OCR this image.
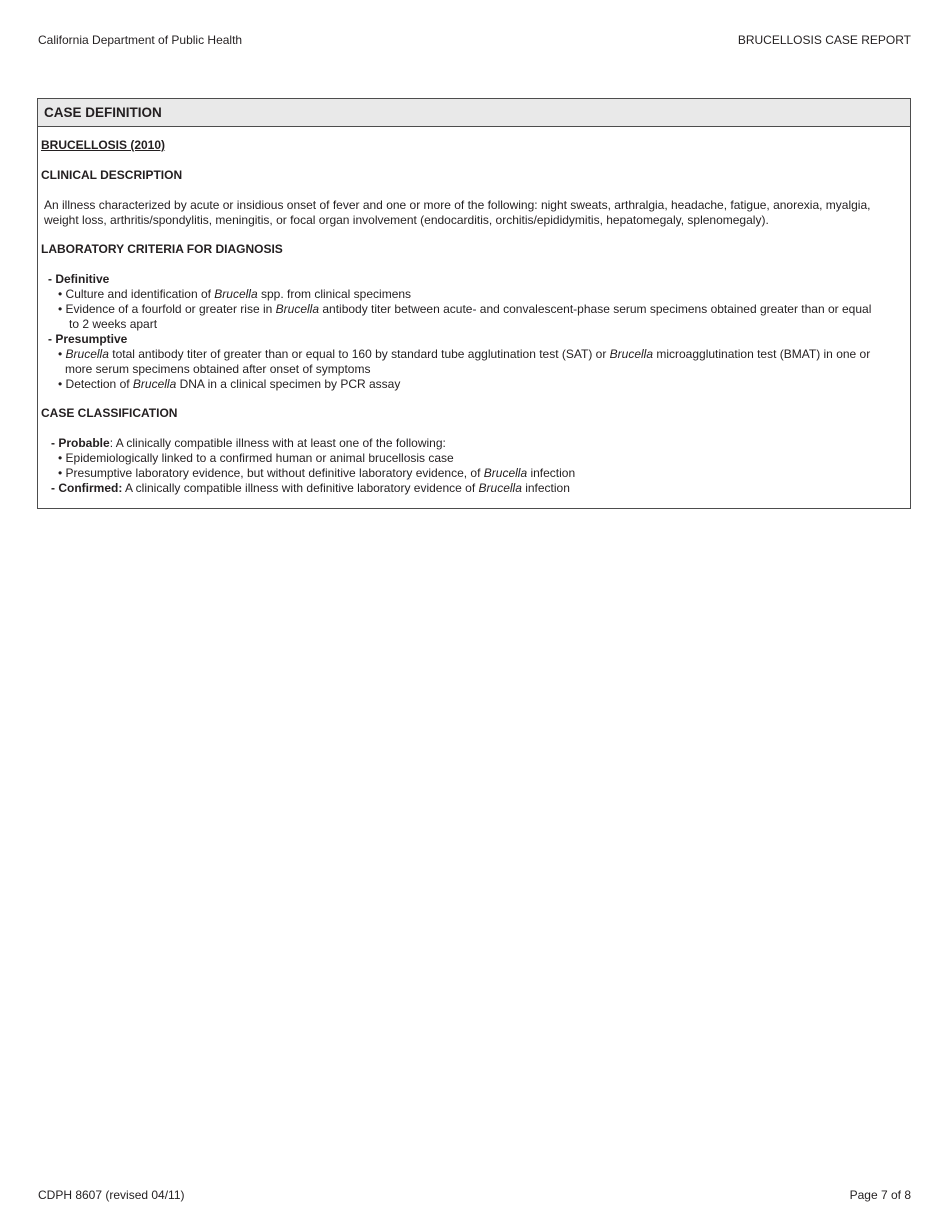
California Department of Public Health	BRUCELLOSIS CASE REPORT
CASE DEFINITION
BRUCELLOSIS (2010)
CLINICAL DESCRIPTION
An illness characterized by acute or insidious onset of fever and one or more of the following: night sweats, arthralgia, headache, fatigue, anorexia, myalgia,
weight loss, arthritis/spondylitis, meningitis, or focal organ involvement (endocarditis, orchitis/epididymitis, hepatomegaly, splenomegaly).
LABORATORY CRITERIA FOR DIAGNOSIS
- Definitive
• Culture and identification of Brucella spp. from clinical specimens
• Evidence of a fourfold or greater rise in Brucella antibody titer between acute- and convalescent-phase serum specimens obtained greater than or equal
to 2 weeks apart
- Presumptive
• Brucella total antibody titer of greater than or equal to 160 by standard tube agglutination test (SAT) or Brucella microagglutination test (BMAT) in one or
more serum specimens obtained after onset of symptoms
• Detection of Brucella DNA in a clinical specimen by PCR assay
CASE CLASSIFICATION
- Probable: A clinically compatible illness with at least one of the following:
• Epidemiologically linked to a confirmed human or animal brucellosis case
• Presumptive laboratory evidence, but without definitive laboratory evidence, of Brucella infection
- Confirmed: A clinically compatible illness with definitive laboratory evidence of Brucella infection
CDPH 8607 (revised 04/11)	Page 7 of 8
